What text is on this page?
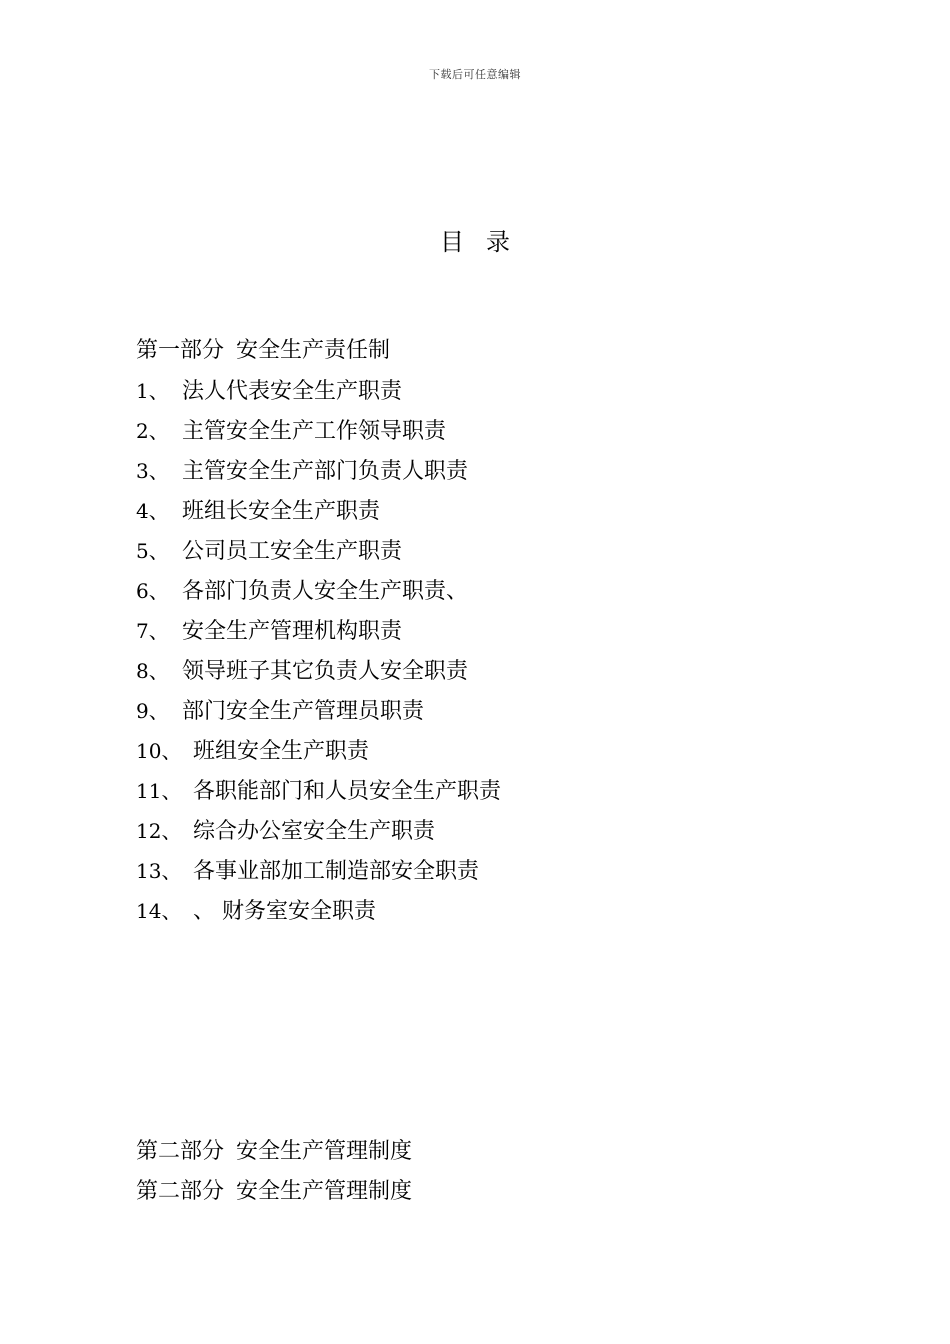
下载后可任意编辑
目 录
第一部分 安全生产责任制
1、 法人代表安全生产职责
2、 主管安全生产工作领导职责
3、 主管安全生产部门负责人职责
4、 班组长安全生产职责
5、 公司员工安全生产职责
6、 各部门负责人安全生产职责、
7、 安全生产管理机构职责
8、 领导班子其它负责人安全职责
9、 部门安全生产管理员职责
10、 班组安全生产职责
11、 各职能部门和人员安全生产职责
12、 综合办公室安全生产职责
13、 各事业部加工制造部安全职责
14、 、 财务室安全职责
第二部分 安全生产管理制度
第二部分 安全生产管理制度
